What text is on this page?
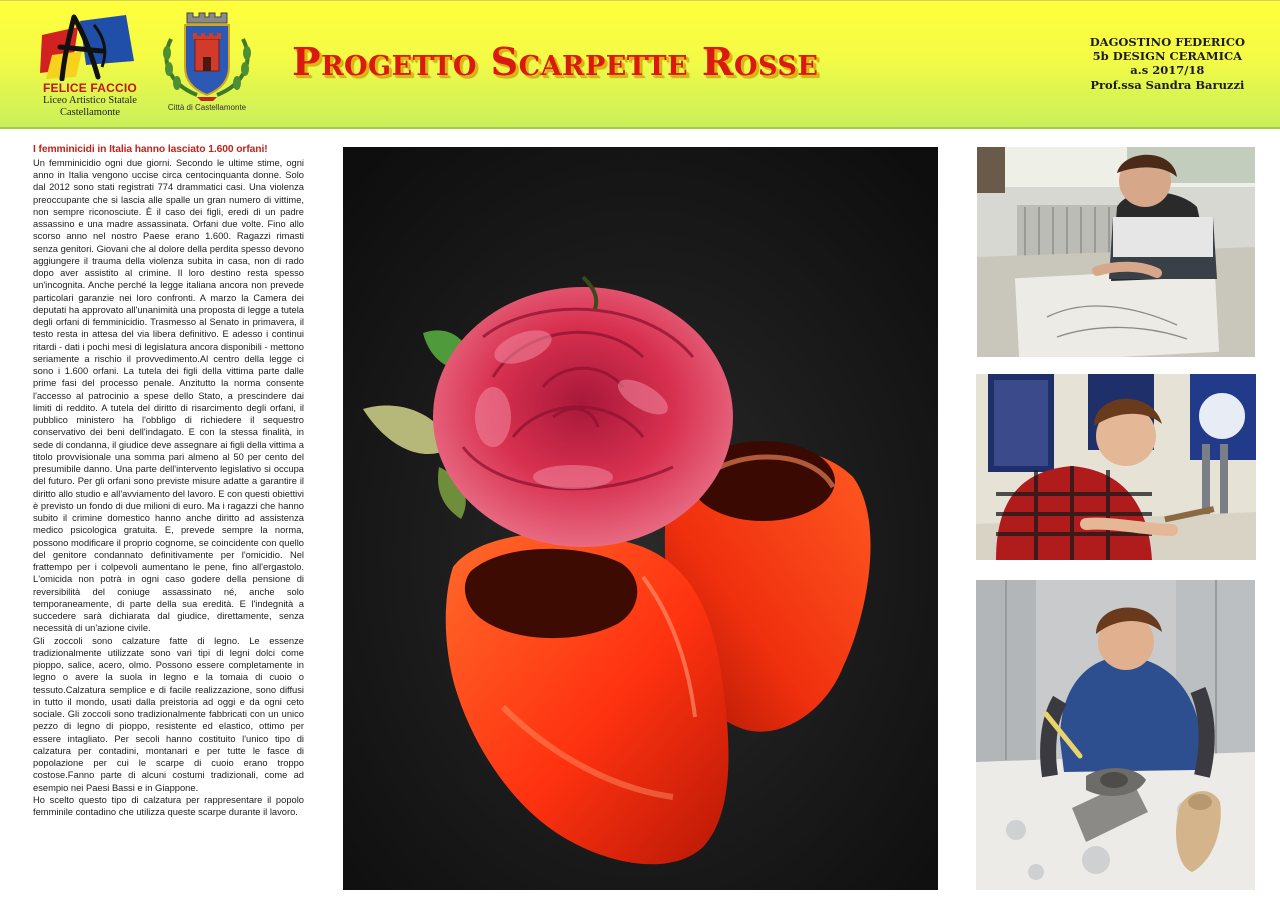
FELICE FACCIO
Liceo Artistico Statale
Castellamonte	Città di Castellamonte
Progetto Scarpette Rosse	DAGOSTINO FEDERICO
5b DESIGN CERAMICA
a.s 2017/18
Prof.ssa Sandra Baruzzi
I femminicidi in Italia hanno lasciato 1.600 orfani!

Un femminicidio ogni due giorni. Secondo le ultime stime, ogni anno in Italia vengono uccise circa centocinquanta donne. Solo dal 2012 sono stati registrati 774 drammatici casi. Una violenza preoccupante che si lascia alle spalle un gran numero di vittime, non sempre riconosciute. È il caso dei figli, eredi di un padre assassino e una madre assassinata. Orfani due volte. Fino allo scorso anno nel nostro Paese erano 1.600. Ragazzi rimasti senza genitori. Giovani che al dolore della perdita spesso devono aggiungere il trauma della violenza subita in casa, non di rado dopo aver assistito al crimine. Il loro destino resta spesso un'incognita. Anche perché la legge italiana ancora non prevede particolari garanzie nei loro confronti. A marzo la Camera dei deputati ha approvato all'unanimità una proposta di legge a tutela degli orfani di femminicidio. Trasmesso al Senato in primavera, il testo resta in attesa del via libera definitivo. E adesso i continui ritardi - dati i pochi mesi di legislatura ancora disponibili - mettono seriamente a rischio il provvedimento.Al centro della legge ci sono i 1.600 orfani. La tutela dei figli della vittima parte dalle prime fasi del processo penale. Anzitutto la norma consente l'accesso al patrocinio a spese dello Stato, a prescindere dai limiti di reddito. A tutela del diritto di risarcimento degli orfani, il pubblico ministero ha l'obbligo di richiedere il sequestro conservativo dei beni dell'indagato. E con la stessa finalità, in sede di condanna, il giudice deve assegnare ai figli della vittima a titolo provvisionale una somma pari almeno al 50 per cento del presumibile danno. Una parte dell'intervento legislativo si occupa del futuro. Per gli orfani sono previste misure adatte a garantire il diritto allo studio e all'avviamento del lavoro. E con questi obiettivi è previsto un fondo di due milioni di euro. Ma i ragazzi che hanno subito il crimine domestico hanno anche diritto ad assistenza medico psicologica gratuita. E, prevede sempre la norma, possono modificare il proprio cognome, se coincidente con quello del genitore condannato definitivamente per l'omicidio. Nel frattempo per i colpevoli aumentano le pene, fino all'ergastolo. L'omicida non potrà in ogni caso godere della pensione di reversibilità del coniuge assassinato né, anche solo temporaneamente, di parte della sua eredità. E l'indegnità a succedere sarà dichiarata dal giudice, direttamente, senza necessità di un'azione civile.

Gli zoccoli sono calzature fatte di legno. Le essenze tradizionalmente utilizzate sono vari tipi di legni dolci come pioppo, salice, acero, olmo. Possono essere completamente in legno o avere la suola in legno e la tomaia di cuoio o tessuto.Calzatura semplice e di facile realizzazione, sono diffusi in tutto il mondo, usati dalla preistoria ad oggi e da ogni ceto sociale. Gli zoccoli sono tradizionalmente fabbricati con un unico pezzo di legno di pioppo, resistente ed elastico, ottimo per essere intagliato. Per secoli hanno costituito l'unico tipo di calzatura per contadini, montanari e per tutte le fasce di popolazione per cui le scarpe di cuoio erano troppo costose.Fanno parte di alcuni costumi tradizionali, come ad esempio nei Paesi Bassi e in Giappone.

Ho scelto questo tipo di calzatura per rappresentare il popolo femminile contadino che utilizza queste scarpe durante il lavoro.
